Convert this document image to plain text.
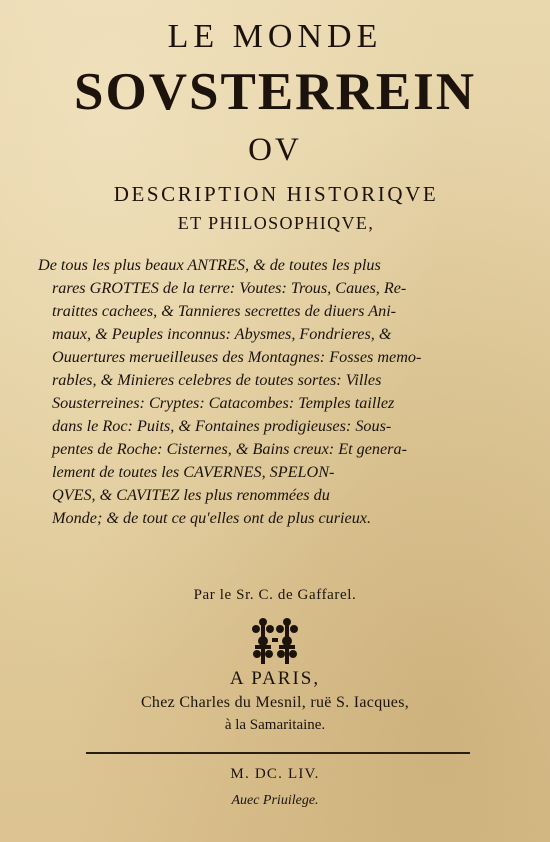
LE MONDE
SOVSTERREIN
OV
DESCRIPTION HISTORIQVE
ET PHILOSOPHIQVE,
De tous les plus beaux ANTRES, & de toutes les plus
rares GROTTES de la terre: Voutes: Trous, Caues, Re-
traittes cachees, & Tannieres secrettes de diuers Ani-
maux, & Peuples inconnus: Abysmes, Fondrieres, &
Ouuertures merueilleuses des Montagnes: Fosses memo-
rables, & Minieres celebres de toutes sortes: Villes
Sousterreines: Cryptes: Catacombes: Temples taillez
dans le Roc: Puits, & Fontaines prodigieuses: Sous-
pentes de Roche: Cisternes, & Bains creux: Et genera-
lement de toutes les CAVERNES, SPELON-
QVES, & CAVITEZ les plus renommées du
Monde; & de tout ce qu'elles ont de plus curieux.
Par le Sr. C. de Gaffarel.
A PARIS,
Chez Charles du Mesnil, ruë S. Iacques,
à la Samaritaine.
M. DC. LIV.
Auec Priuilege.
